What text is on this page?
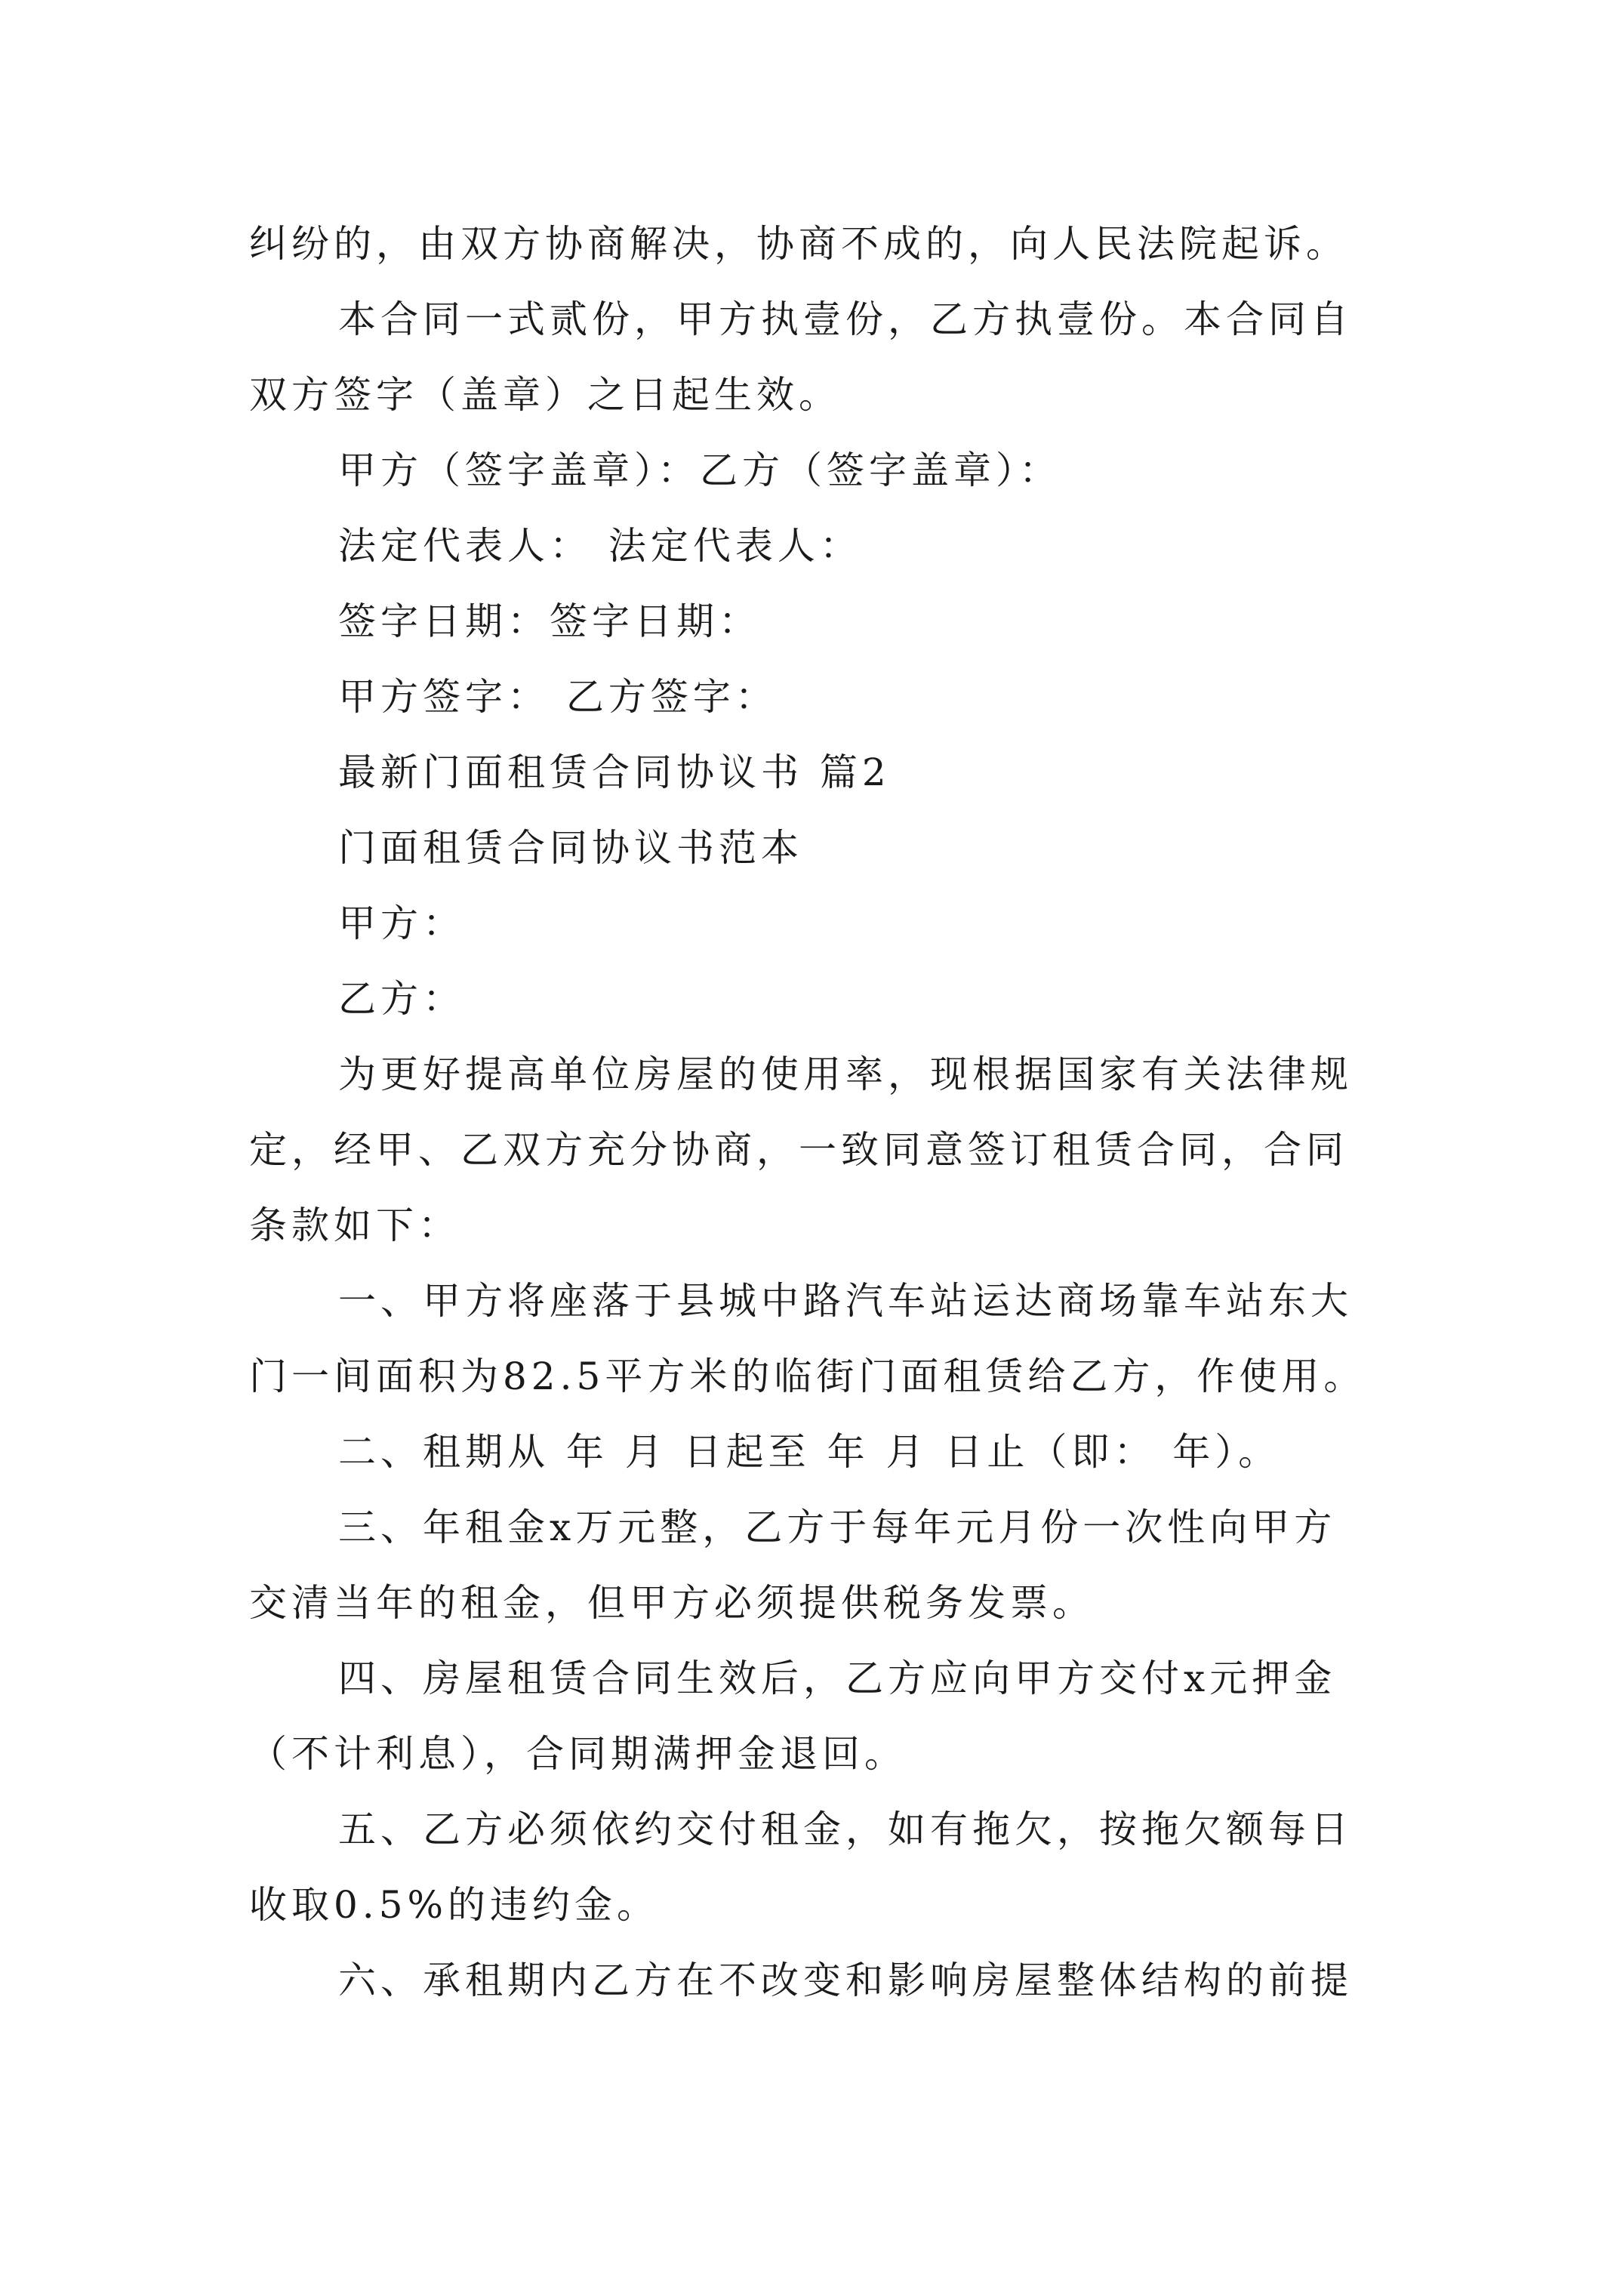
纠纷的，由双方协商解决，协商不成的，向人民法院起诉。
本合同一式贰份，甲方执壹份，乙方执壹份。本合同自
双方签字（盖章）之日起生效。
甲方（签字盖章）：乙方（签字盖章）：
法定代表人： 法定代表人：
签字日期：签字日期：
甲方签字： 乙方签字：
最新门面租赁合同协议书 篇2
门面租赁合同协议书范本
甲方：
乙方：
为更好提高单位房屋的使用率，现根据国家有关法律规
定，经甲、乙双方充分协商，一致同意签订租赁合同，合同
条款如下：
一、甲方将座落于县城中路汽车站运达商场靠车站东大
门一间面积为82.5平方米的临街门面租赁给乙方，作使用。
二、租期从 年 月 日起至 年 月 日止（即： 年）。
三、年租金x万元整，乙方于每年元月份一次性向甲方
交清当年的租金，但甲方必须提供税务发票。
四、房屋租赁合同生效后，乙方应向甲方交付x元押金
（不计利息），合同期满押金退回。
五、乙方必须依约交付租金，如有拖欠，按拖欠额每日
收取0.5%的违约金。
六、承租期内乙方在不改变和影响房屋整体结构的前提
